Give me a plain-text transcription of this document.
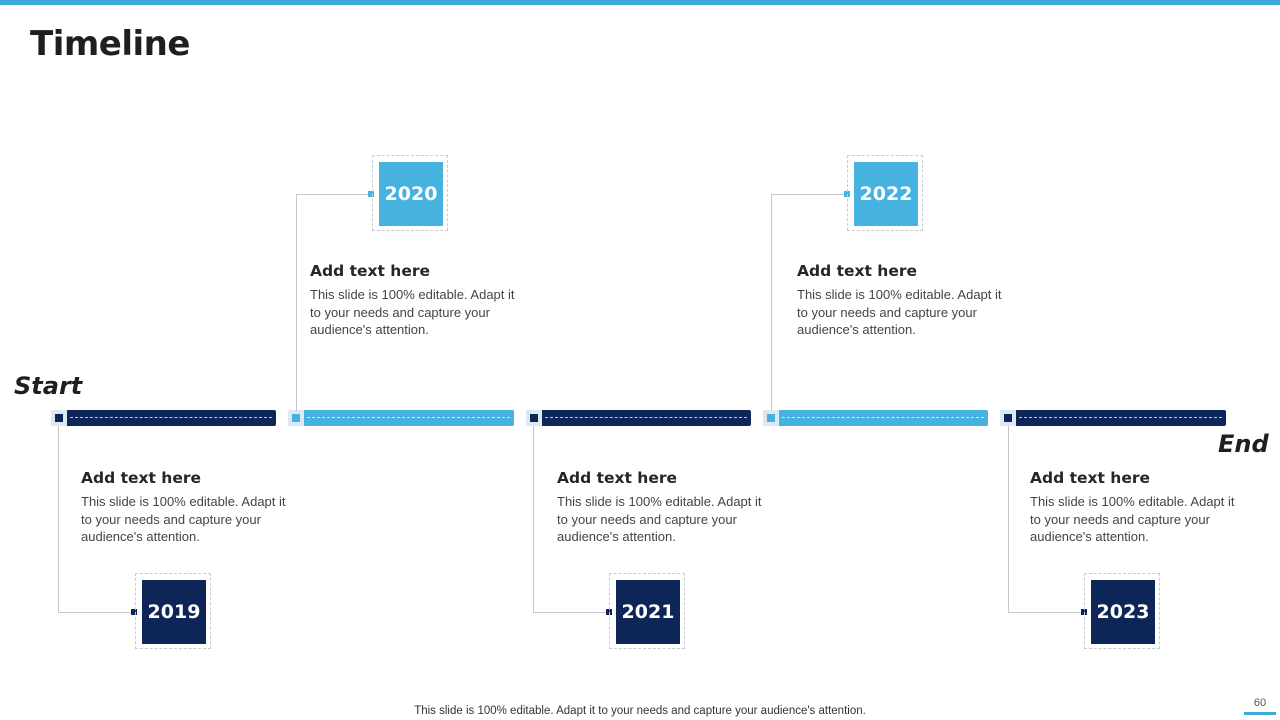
Timeline
Start
End
2019
2020
2021
2022
2023
Add text here

This slide is 100% editable. Adapt it to your needs and capture your audience's attention.

Add text here

This slide is 100% editable. Adapt it to your needs and capture your audience's attention.

Add text here

This slide is 100% editable. Adapt it to your needs and capture your audience's attention.

Add text here

This slide is 100% editable. Adapt it to your needs and capture your audience's attention.

Add text here

This slide is 100% editable. Adapt it to your needs and capture your audience's attention.

This slide is 100% editable. Adapt it to your needs and capture your audience's attention.
60
